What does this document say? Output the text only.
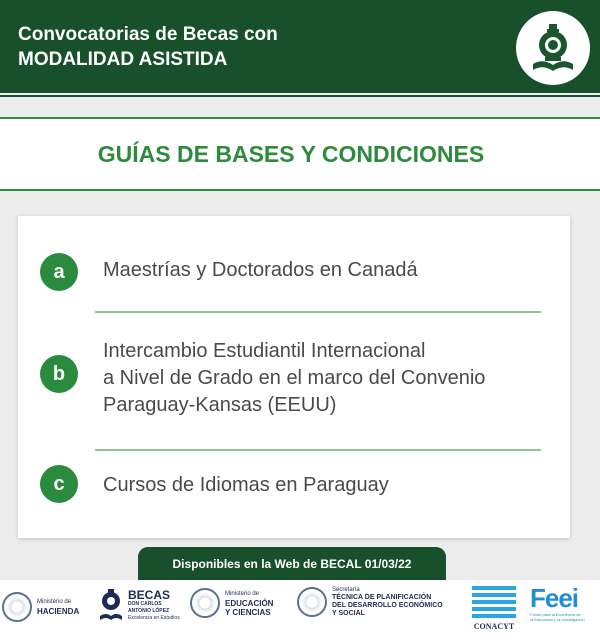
Convocatorias de Becas con
MODALIDAD ASISTIDA
GUÍAS DE BASES Y CONDICIONES
a	Maestrías y Doctorados en Canadá
b
Intercambio Estudiantil Internacional
a Nivel de Grado en el marco del Convenio
Paraguay-Kansas (EEUU)
c	Cursos de Idiomas en Paraguay
Disponibles en la Web de BECAL 01/03/22
Ministerio de
HACIENDA
BECAS
DON CARLOS
ANTONIO LÓPEZ
Excelencia en Estudios
Ministerio de
EDUCACIÓN
Y CIENCIAS
Secretaría
TÉCNICA DE PLANIFICACIÓN
DEL DESARROLLO ECONÓMICO
Y SOCIAL
CONACYT
Feei
Fondo para la Excelencia de
la Educación y la Investigación
